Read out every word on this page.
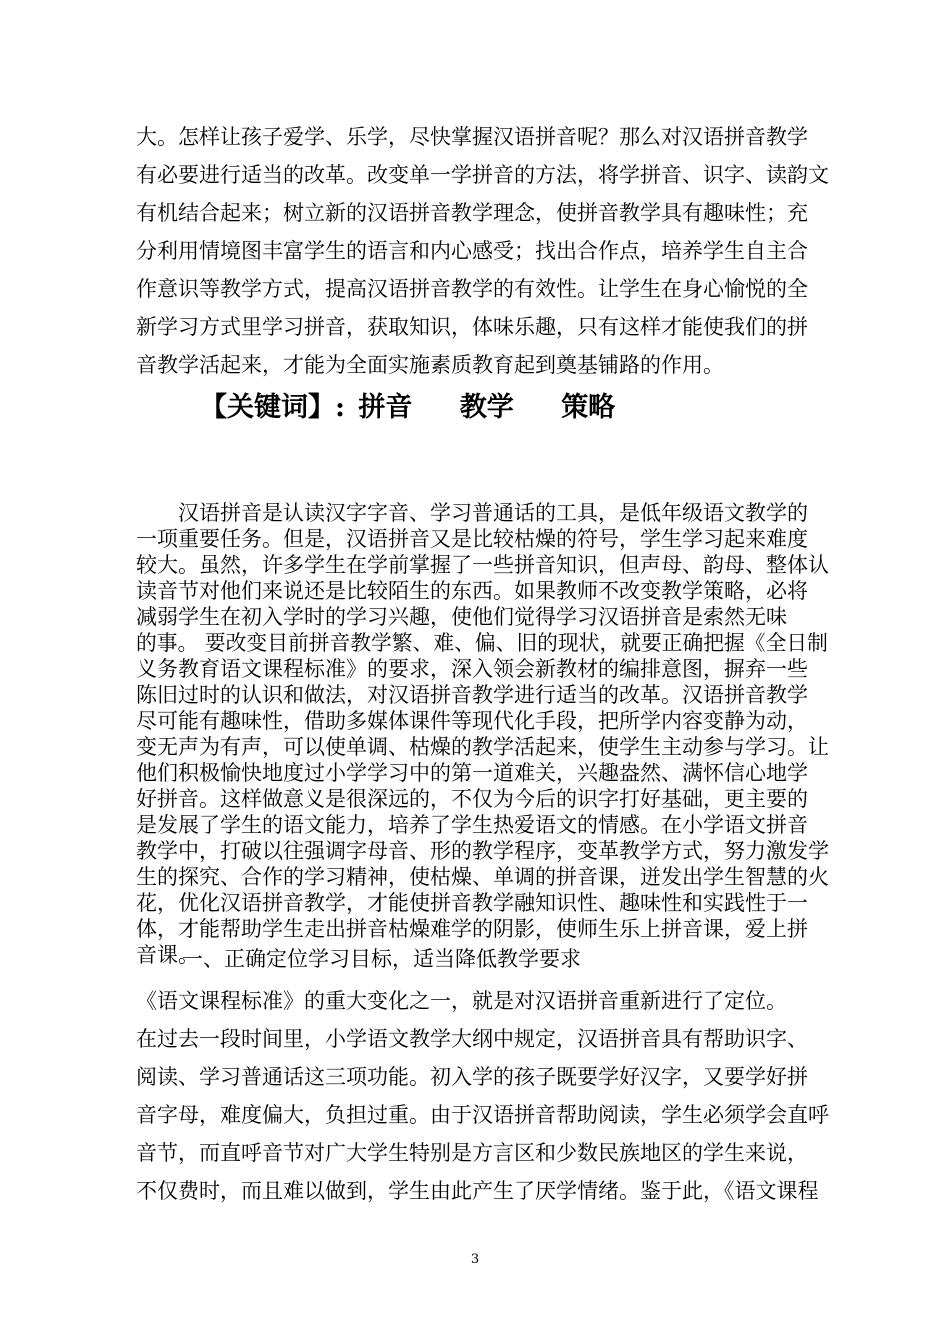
大。怎样让孩子爱学、乐学，尽快掌握汉语拼音呢？那么对汉语拼音教学
有必要进行适当的改革。改变单一学拼音的方法，将学拼音、识字、读韵文
有机结合起来；树立新的汉语拼音教学理念，使拼音教学具有趣味性；充
分利用情境图丰富学生的语言和内心感受；找出合作点，培养学生自主合
作意识等教学方式，提高汉语拼音教学的有效性。让学生在身心愉悦的全
新学习方式里学习拼音，获取知识，体味乐趣，只有这样才能使我们的拼
音教学活起来，才能为全面实施素质教育起到奠基铺路的作用。
【关键词】: 拼音 教学 策略
　　汉语拼音是认读汉字字音、学习普通话的工具，是低年级语文教学的
一项重要任务。但是，汉语拼音又是比较枯燥的符号，学生学习起来难度
较大。虽然，许多学生在学前掌握了一些拼音知识，但声母、韵母、整体认
读音节对他们来说还是比较陌生的东西。如果教师不改变教学策略，必将
减弱学生在初入学时的学习兴趣，使他们觉得学习汉语拼音是索然无味
的事。 要改变目前拼音教学繁、难、偏、旧的现状，就要正确把握《全日制
义务教育语文课程标准》的要求，深入领会新教材的编排意图，摒弃一些
陈旧过时的认识和做法，对汉语拼音教学进行适当的改革。汉语拼音教学
尽可能有趣味性，借助多媒体课件等现代化手段，把所学内容变静为动，
变无声为有声，可以使单调、枯燥的教学活起来，使学生主动参与学习。让
他们积极愉快地度过小学学习中的第一道难关，兴趣盎然、满怀信心地学
好拼音。这样做意义是很深远的，不仅为今后的识字打好基础，更主要的
是发展了学生的语文能力，培养了学生热爱语文的情感。在小学语文拼音
教学中，打破以往强调字母音、形的教学程序，变革教学方式，努力激发学
生的探究、合作的学习精神，使枯燥、单调的拼音课，迸发出学生智慧的火
花，优化汉语拼音教学，才能使拼音教学融知识性、趣味性和实践性于一
体，才能帮助学生走出拼音枯燥难学的阴影，使师生乐上拼音课，爱上拼
音课。
一、正确定位学习目标，适当降低教学要求
《语文课程标准》的重大变化之一，就是对汉语拼音重新进行了定位。
在过去一段时间里，小学语文教学大纲中规定，汉语拼音具有帮助识字、
阅读、学习普通话这三项功能。初入学的孩子既要学好汉字，又要学好拼
音字母，难度偏大，负担过重。由于汉语拼音帮助阅读，学生必须学会直呼
音节，而直呼音节对广大学生特别是方言区和少数民族地区的学生来说，
不仅费时，而且难以做到，学生由此产生了厌学情绪。鉴于此，《语文课程
3
